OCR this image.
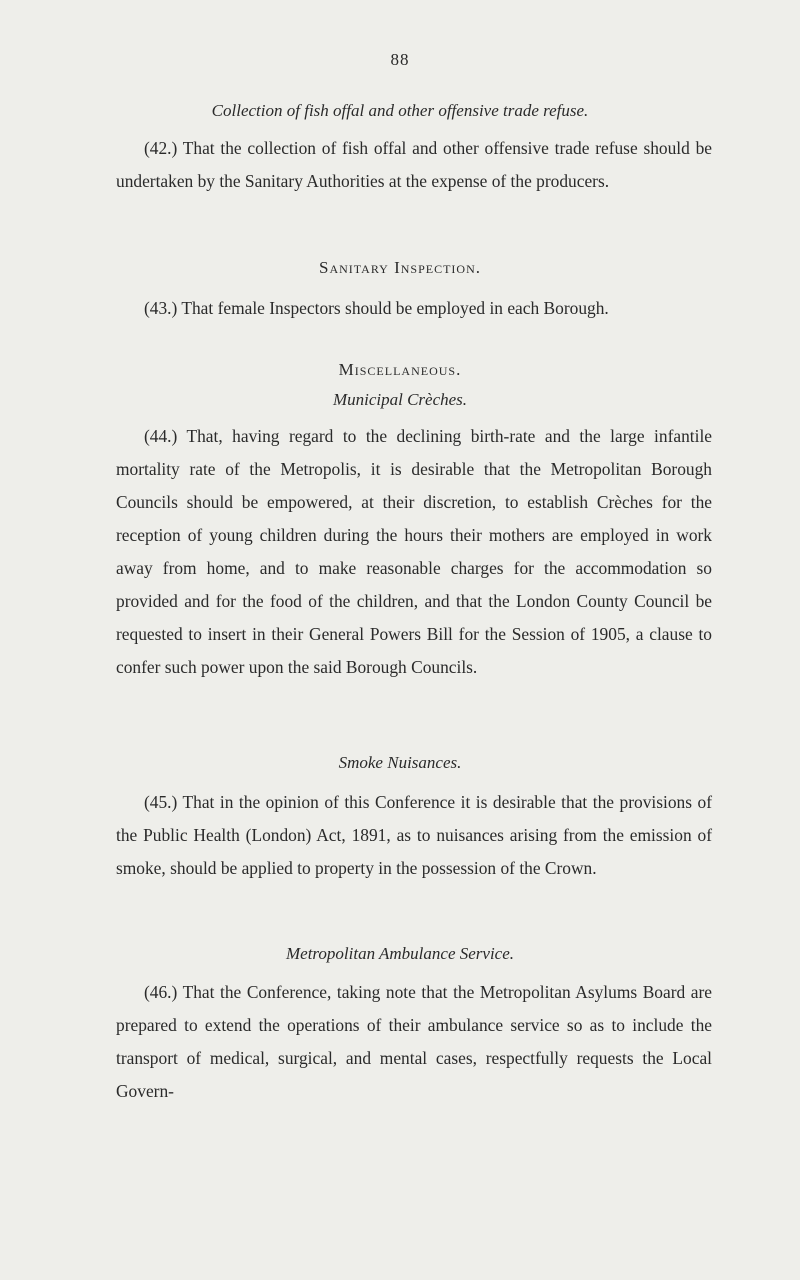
88
Collection of fish offal and other offensive trade refuse.

(42.) That the collection of fish offal and other offensive trade refuse should be undertaken by the Sanitary Authorities at the expense of the producers.

Sanitary Inspection.

(43.) That female Inspectors should be employed in each Borough.

Miscellaneous.
Municipal Crèches.

(44.) That, having regard to the declining birth-rate and the large infantile mortality rate of the Metropolis, it is desirable that the Metropolitan Borough Councils should be empowered, at their discretion, to establish Crèches for the reception of young children during the hours their mothers are employed in work away from home, and to make reasonable charges for the accommodation so provided and for the food of the children, and that the London County Council be requested to insert in their General Powers Bill for the Session of 1905, a clause to confer such power upon the said Borough Councils.

Smoke Nuisances.

(45.) That in the opinion of this Conference it is desirable that the provisions of the Public Health (London) Act, 1891, as to nuisances arising from the emission of smoke, should be applied to property in the possession of the Crown.

Metropolitan Ambulance Service.

(46.) That the Conference, taking note that the Metropolitan Asylums Board are prepared to extend the operations of their ambulance service so as to include the transport of medical, surgical, and mental cases, respectfully requests the Local Govern-
